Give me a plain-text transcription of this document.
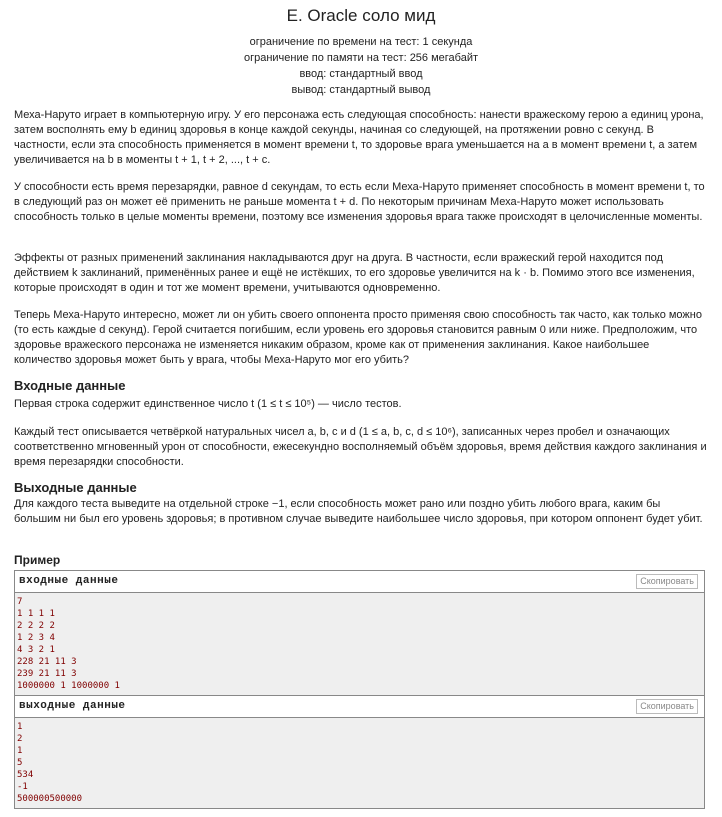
E. Oracle соло мид
ограничение по времени на тест: 1 секунда
ограничение по памяти на тест: 256 мегабайт
ввод: стандартный ввод
вывод: стандартный вывод

Меха-Наруто играет в компьютерную игру. У его персонажа есть следующая способность: нанести вражескому герою a единиц урона, затем восполнять ему b единиц здоровья в конце каждой секунды, начиная со следующей, на протяжении ровно c секунд. В частности, если эта способность применяется в момент времени t, то здоровье врага уменьшается на a в момент времени t, а затем увеличивается на b в моменты t + 1, t + 2, ..., t + c.

У способности есть время перезарядки, равное d секундам, то есть если Меха-Наруто применяет способность в момент времени t, то в следующий раз он может её применить не раньше момента t + d. По некоторым причинам Меха-Наруто может использовать способность только в целые моменты времени, поэтому все изменения здоровья врага также происходят в целочисленные моменты.

Эффекты от разных применений заклинания накладываются друг на друга. В частности, если вражеский герой находится под действием k заклинаний, применённых ранее и ещё не истёкших, то его здоровье увеличится на k · b. Помимо этого все изменения, которые происходят в один и тот же момент времени, учитываются одновременно.

Теперь Меха-Наруто интересно, может ли он убить своего оппонента просто применяя свою способность так часто, как только можно (то есть каждые d секунд). Герой считается погибшим, если уровень его здоровья становится равным 0 или ниже. Предположим, что здоровье вражеского персонажа не изменяется никаким образом, кроме как от применения заклинания. Какое наибольшее количество здоровья может быть у врага, чтобы Меха-Наруто мог его убить?

Входные данные

Первая строка содержит единственное число t (1 ≤ t ≤ 10⁵) — число тестов.

Каждый тест описывается четвёркой натуральных чисел a, b, c и d (1 ≤ a, b, c, d ≤ 10⁶), записанных через пробел и означающих соответственно мгновенный урон от способности, ежесекундно восполняемый объём здоровья, время действия каждого заклинания и время перезарядки способности.

Выходные данные

Для каждого теста выведите на отдельной строке −1, если способность может рано или поздно убить любого врага, каким бы большим ни был его уровень здоровья; в противном случае выведите наибольшее число здоровья, при котором оппонент будет убит.

Пример
входные данные	Скопировать
7
1 1 1 1
2 2 2 2
1 2 3 4
4 3 2 1
228 21 11 3
239 21 11 3
1000000 1 1000000 1
выходные данные	Скопировать
1
2
1
5
534
-1
500000500000
